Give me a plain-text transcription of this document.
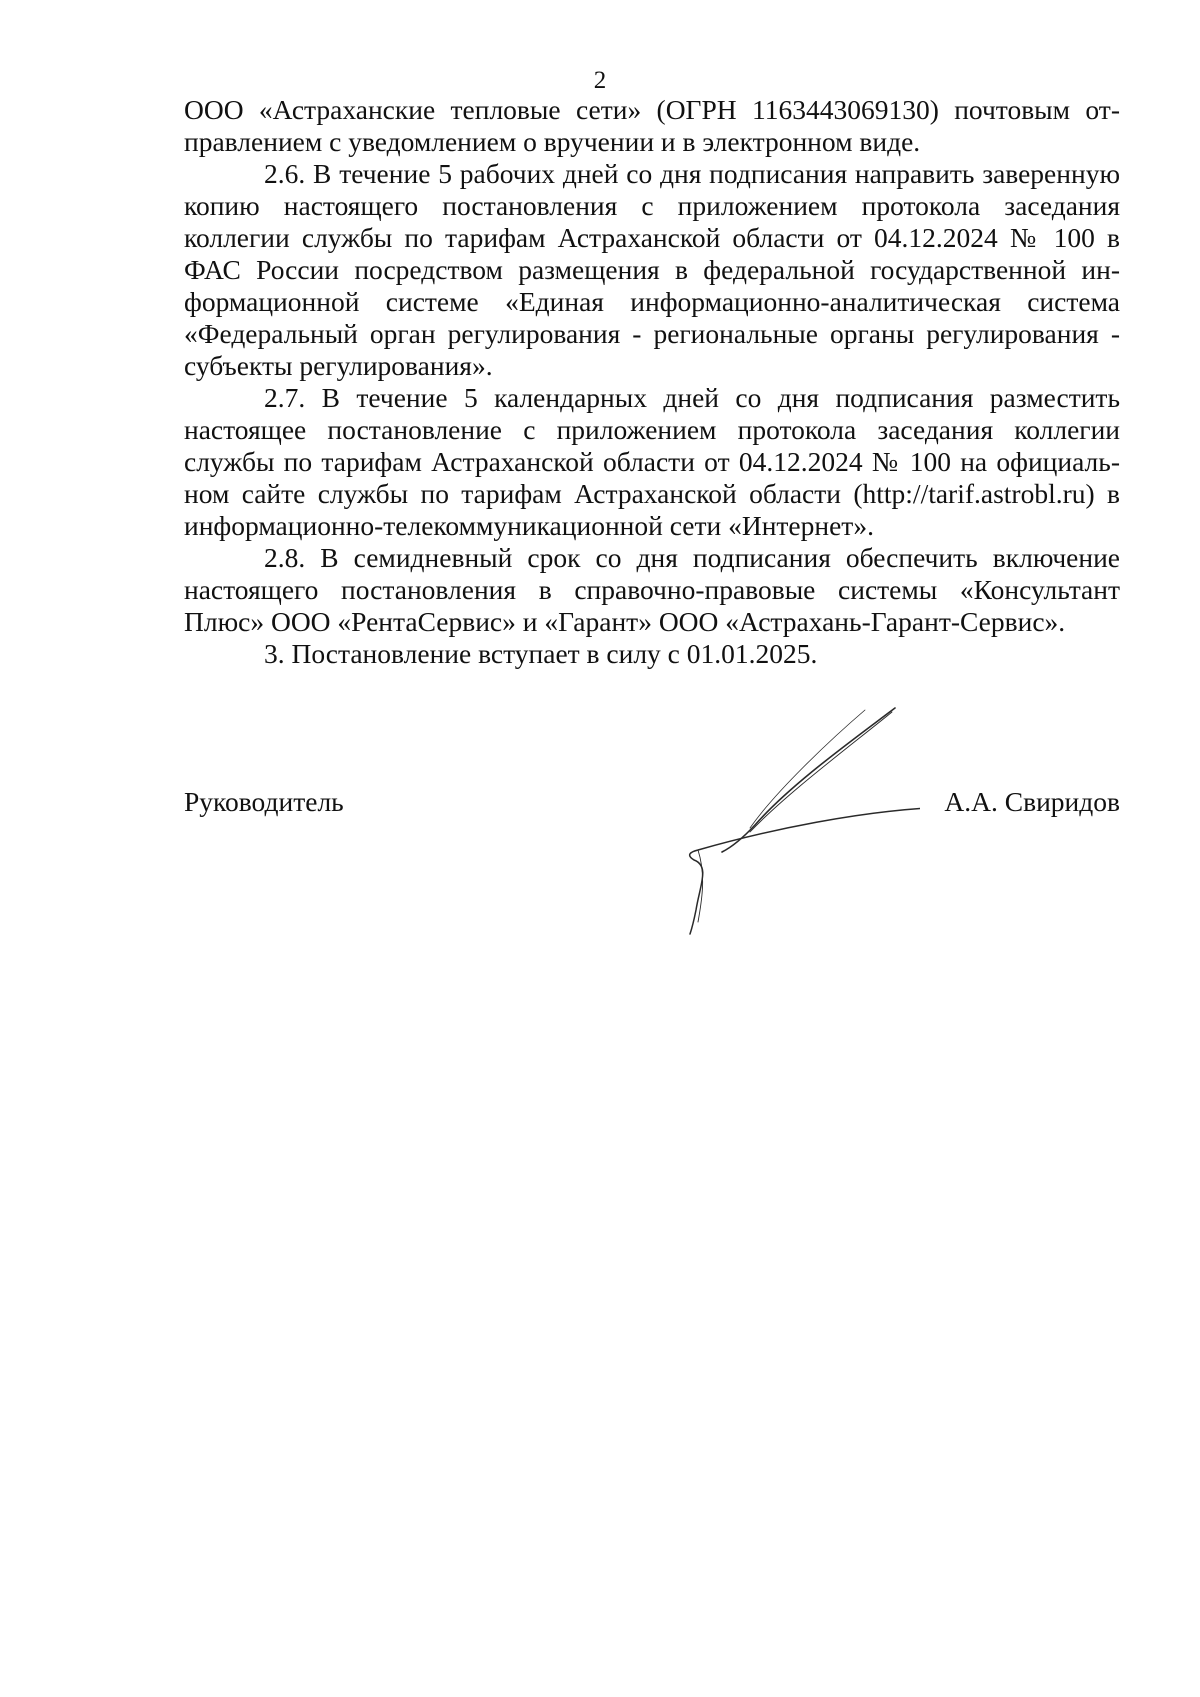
2

ООО «Астраханские тепловые сети» (ОГРН 1163443069130) почтовым отправлением с уведомлением о вручении и в электронном виде.

2.6. В течение 5 рабочих дней со дня подписания направить заверенную копию настоящего постановления с приложением протокола заседания коллегии службы по тарифам Астраханской области от 04.12.2024 № 100 в ФАС России посредством размещения в федеральной государственной информационной системе «Единая информационно-аналитическая система «Федеральный орган регулирования - региональные органы регулирования - субъекты регулирования».

2.7. В течение 5 календарных дней со дня подписания разместить настоящее постановление с приложением протокола заседания коллегии службы по тарифам Астраханской области от 04.12.2024 № 100 на официальном сайте службы по тарифам Астраханской области (http://tarif.astrobl.ru) в информационно-телекоммуникационной сети «Интернет».

2.8. В семидневный срок со дня подписания обеспечить включение настоящего постановления в справочно-правовые системы «Консультант Плюс» ООО «РентаСервис» и «Гарант» ООО «Астрахань-Гарант-Сервис».

3. Постановление вступает в силу с 01.01.2025.

Руководитель	А.А. Свиридов
